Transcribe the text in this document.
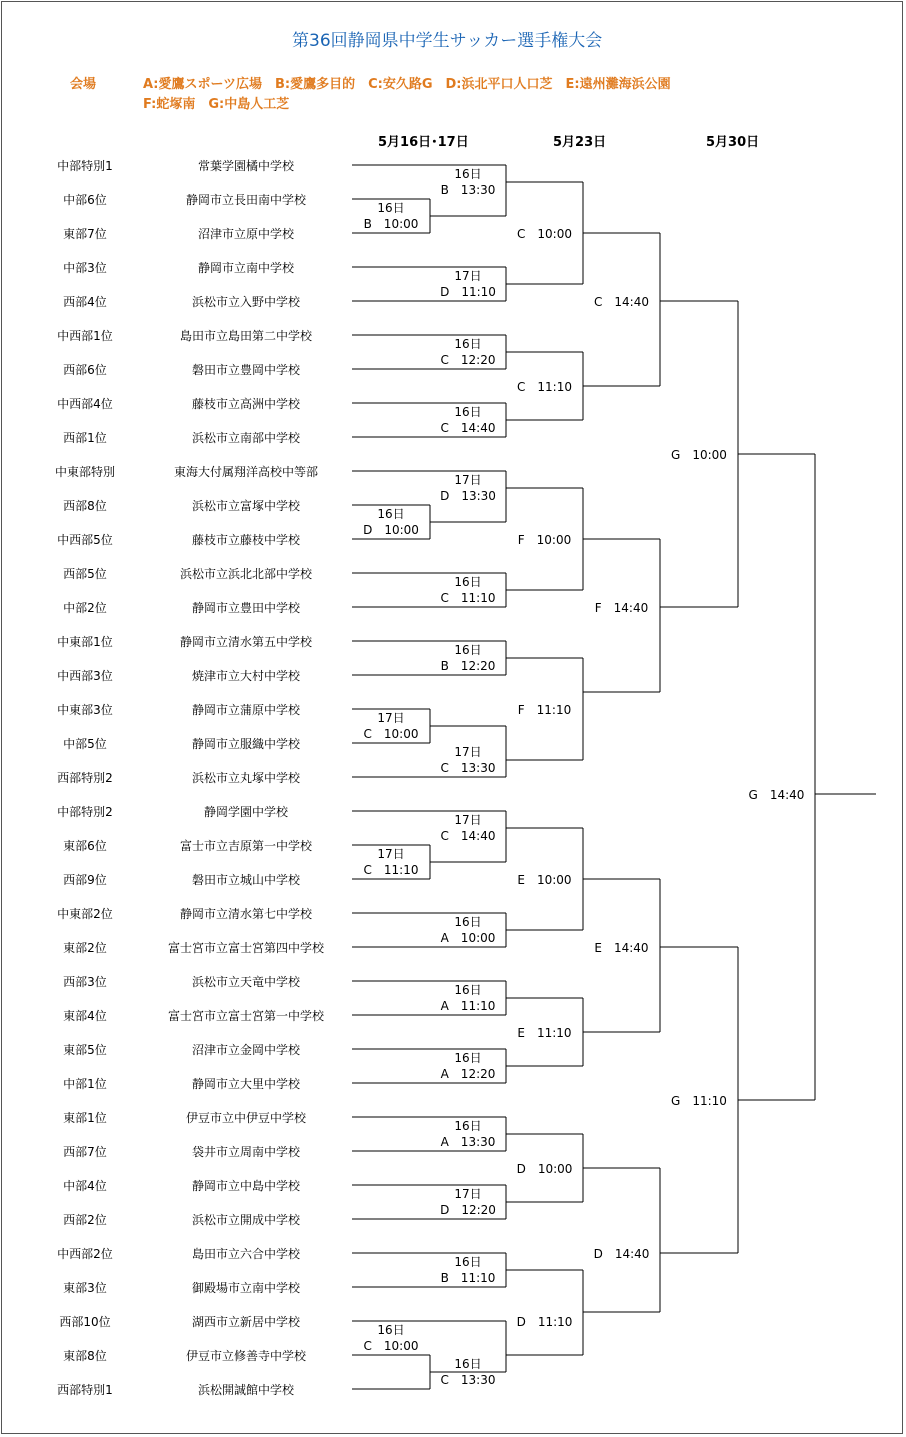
第36回静岡県中学生サッカー選手権大会
会場	A:愛鷹スポーツ広場　B:愛鷹多目的　C:安久路G　D:浜北平口人口芝　E:遠州灘海浜公園
F:蛇塚南　G:中島人工芝
5月16日･17日	5月23日	5月30日
中部特別1	常葉学園橘中学校
中部6位	静岡市立長田南中学校
東部7位	沼津市立原中学校
中部3位	静岡市立南中学校
西部4位	浜松市立入野中学校
中西部1位	島田市立島田第二中学校
西部6位	磐田市立豊岡中学校
中西部4位	藤枝市立高洲中学校
西部1位	浜松市立南部中学校
中東部特別	東海大付属翔洋高校中等部
西部8位	浜松市立富塚中学校
中西部5位	藤枝市立藤枝中学校
西部5位	浜松市立浜北北部中学校
中部2位	静岡市立豊田中学校
中東部1位	静岡市立清水第五中学校
中西部3位	焼津市立大村中学校
中東部3位	静岡市立蒲原中学校
中部5位	静岡市立服織中学校
西部特別2	浜松市立丸塚中学校
中部特別2	静岡学園中学校
東部6位	富士市立吉原第一中学校
西部9位	磐田市立城山中学校
中東部2位	静岡市立清水第七中学校
東部2位	富士宮市立富士宮第四中学校
西部3位	浜松市立天竜中学校
東部4位	富士宮市立富士宮第一中学校
東部5位	沼津市立金岡中学校
中部1位	静岡市立大里中学校
東部1位	伊豆市立中伊豆中学校
西部7位	袋井市立周南中学校
中部4位	静岡市立中島中学校
西部2位	浜松市立開成中学校
中西部2位	島田市立六合中学校
東部3位	御殿場市立南中学校
西部10位	湖西市立新居中学校
東部8位	伊豆市立修善寺中学校
西部特別1	浜松開誠館中学校
16日
B　10:00
16日
D　10:00
17日
C　10:00
17日
C　11:10
16日
C　10:00
16日
B　13:30
17日
D　11:10
16日
C　12:20
16日
C　14:40
17日
D　13:30
16日
C　11:10
16日
B　12:20
17日
C　13:30
17日
C　14:40
16日
A　10:00
16日
A　11:10
16日
A　12:20
16日
A　13:30
17日
D　12:20
16日
B　11:10
16日
C　13:30
C　10:00
C　11:10
F　10:00
F　11:10
E　10:00
E　11:10
D　10:00
D　11:10
C　14:40
F　14:40
E　14:40
D　14:40
G　10:00
G　11:10
G　14:40
